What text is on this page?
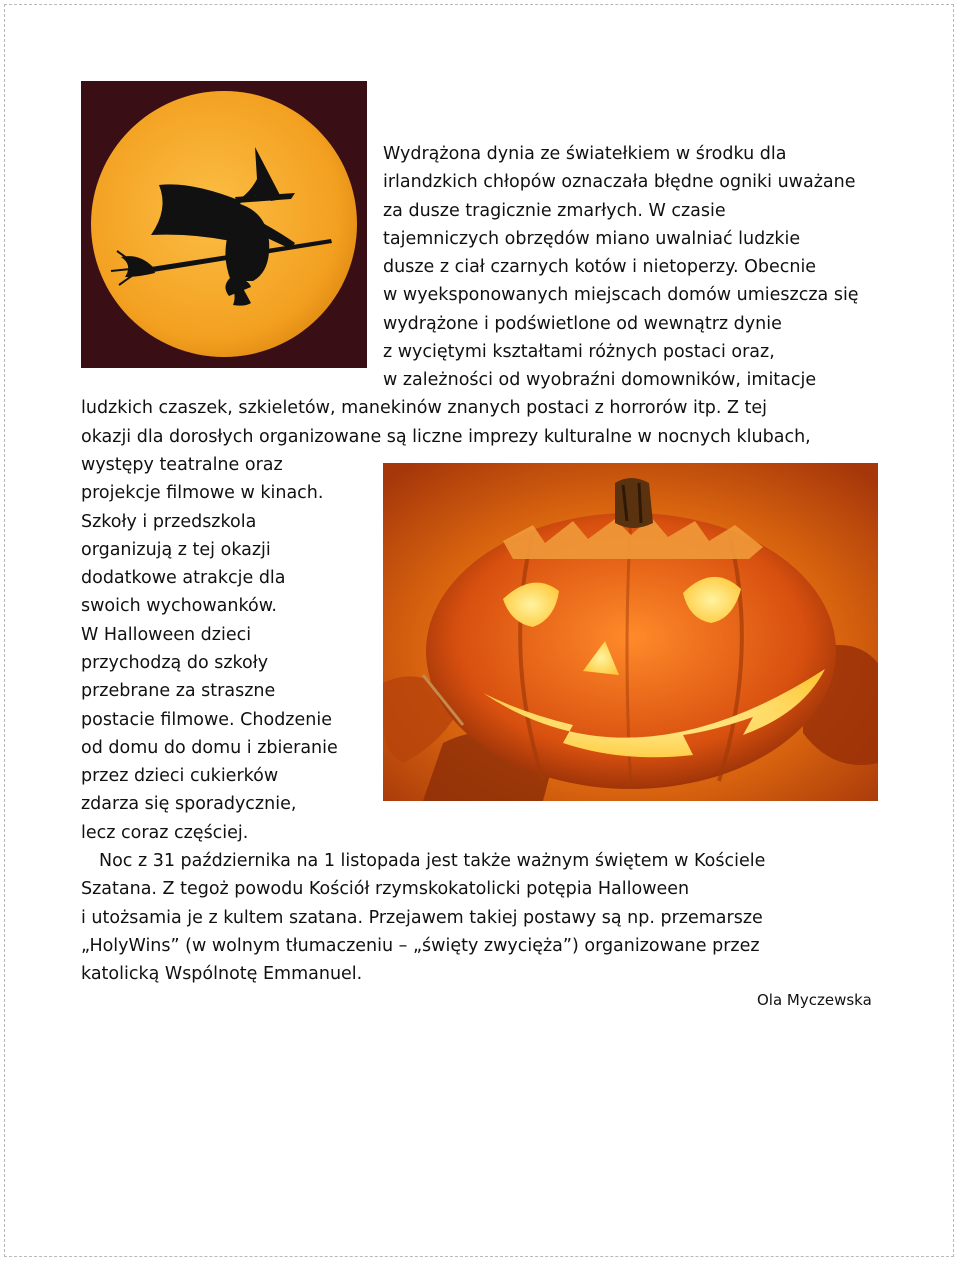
Wydrążona dynia ze światełkiem w środku dla
irlandzkich chłopów oznaczała błędne ogniki uważane
za dusze tragicznie zmarłych. W czasie
tajemniczych obrzędów miano uwalniać ludzkie
dusze z ciał czarnych kotów i nietoperzy. Obecnie
w wyeksponowanych miejscach domów umieszcza się
wydrążone i podświetlone od wewnątrz dynie
z wyciętymi kształtami różnych postaci oraz,
w zależności od wyobraźni domowników, imitacje
ludzkich czaszek, szkieletów, manekinów znanych postaci z horrorów itp. Z tej
okazji dla dorosłych organizowane są liczne imprezy kulturalne w nocnych klubach,
występy teatralne oraz
projekcje filmowe w kinach.
Szkoły i przedszkola
organizują z tej okazji
dodatkowe atrakcje dla
swoich wychowanków.
W Halloween dzieci
przychodzą do szkoły
przebrane za straszne
postacie filmowe. Chodzenie
od domu do domu i zbieranie
przez dzieci cukierków
zdarza się sporadycznie,
lecz coraz częściej.
Noc z 31 października na 1 listopada jest także ważnym świętem w Kościele
Szatana. Z tegoż powodu Kościół rzymskokatolicki potępia Halloween
i utożsamia je z kultem szatana. Przejawem takiej postawy są np. przemarsze
„HolyWins” (w wolnym tłumaczeniu – „święty zwycięża”) organizowane przez
katolicką Wspólnotę Emmanuel.
Ola Myczewska
